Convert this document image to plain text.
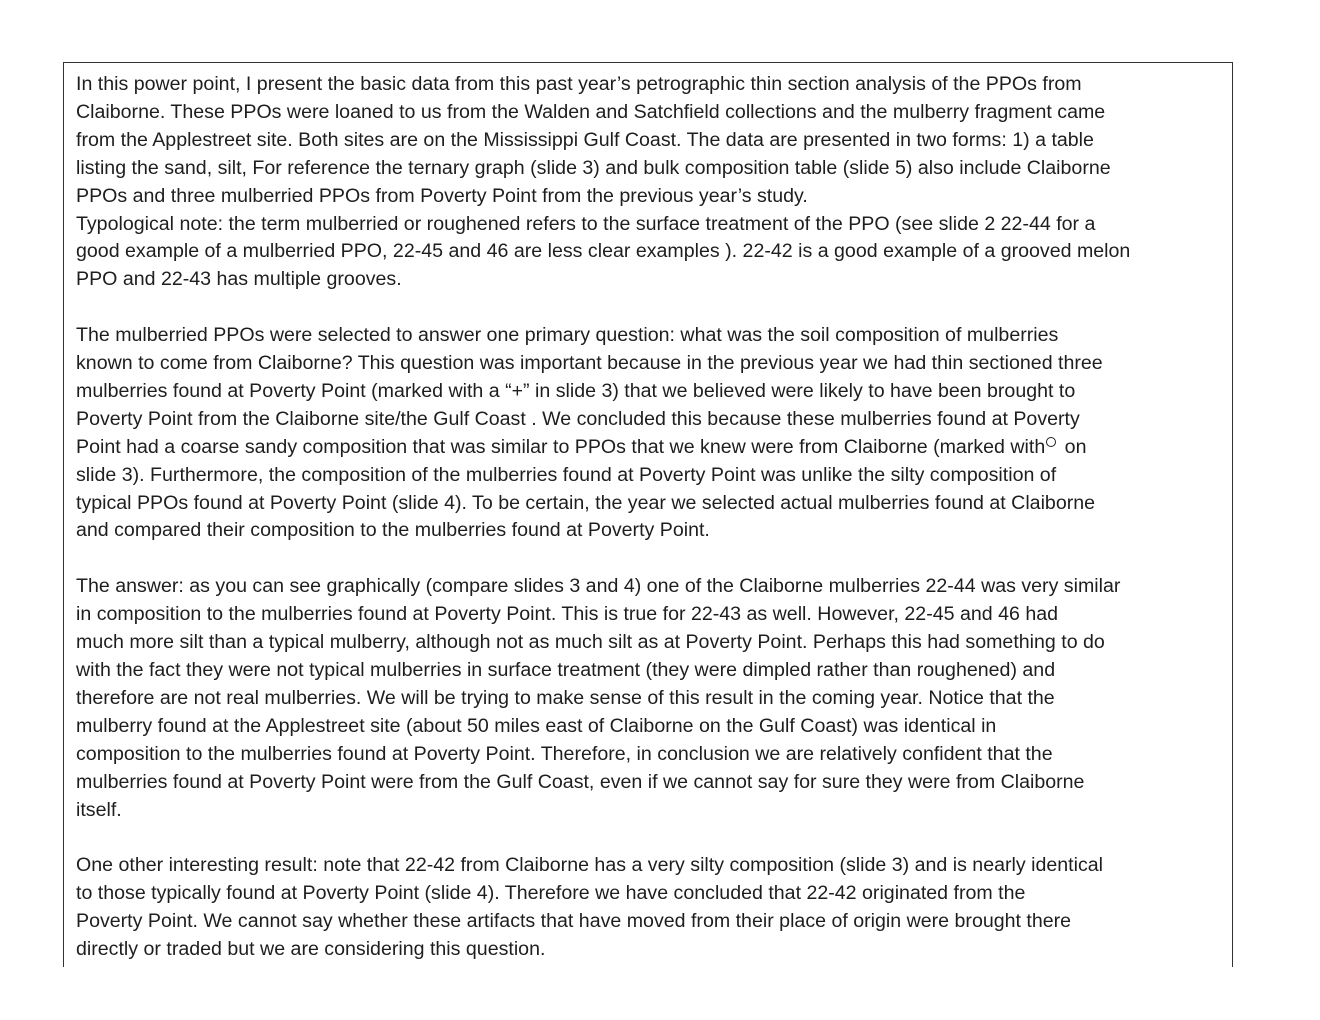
In this power point, I present the basic data from this past year’s petrographic thin section analysis of the PPOs from
Claiborne. These PPOs were loaned to us from the Walden and Satchfield collections and the mulberry fragment came
from the Applestreet site. Both sites are on the Mississippi Gulf Coast. The data are presented in two forms: 1) a table
listing the sand, silt, For reference the ternary graph (slide 3) and bulk composition table (slide 5) also include Claiborne
PPOs and three mulberried PPOs from Poverty Point from the previous year’s study.
Typological note: the term mulberried or roughened refers to the surface treatment of the PPO (see slide 2 22-44 for a
good example of a mulberried PPO, 22-45 and 46 are less clear examples ). 22-42 is a good example of a grooved melon
PPO and 22-43 has multiple grooves.
The mulberried PPOs were selected to answer one primary question: what was the soil composition of mulberries
known to come from Claiborne? This question was important because in the previous year we had thin sectioned three
mulberries found at Poverty Point (marked with a “+” in slide 3) that we believed were likely to have been brought to
Poverty Point from the Claiborne site/the Gulf Coast . We concluded this because these mulberries found at Poverty
Point had a coarse sandy composition that was similar to PPOs that we knew were from Claiborne (marked with on
slide 3). Furthermore, the composition of the mulberries found at Poverty Point was unlike the silty composition of
typical PPOs found at Poverty Point (slide 4). To be certain, the year we selected actual mulberries found at Claiborne
and compared their composition to the mulberries found at Poverty Point.
The answer: as you can see graphically (compare slides 3 and 4) one of the Claiborne mulberries 22-44 was very similar
in composition to the mulberries found at Poverty Point. This is true for 22-43 as well. However, 22-45 and 46 had
much more silt than a typical mulberry, although not as much silt as at Poverty Point. Perhaps this had something to do
with the fact they were not typical mulberries in surface treatment (they were dimpled rather than roughened) and
therefore are not real mulberries. We will be trying to make sense of this result in the coming year. Notice that the
mulberry found at the Applestreet site (about 50 miles east of Claiborne on the Gulf Coast) was identical in
composition to the mulberries found at Poverty Point. Therefore, in conclusion we are relatively confident that the
mulberries found at Poverty Point were from the Gulf Coast, even if we cannot say for sure they were from Claiborne
itself.
One other interesting result: note that 22-42 from Claiborne has a very silty composition (slide 3) and is nearly identical
to those typically found at Poverty Point (slide 4). Therefore we have concluded that 22-42 originated from the
Poverty Point. We cannot say whether these artifacts that have moved from their place of origin were brought there
directly or traded but we are considering this question.
